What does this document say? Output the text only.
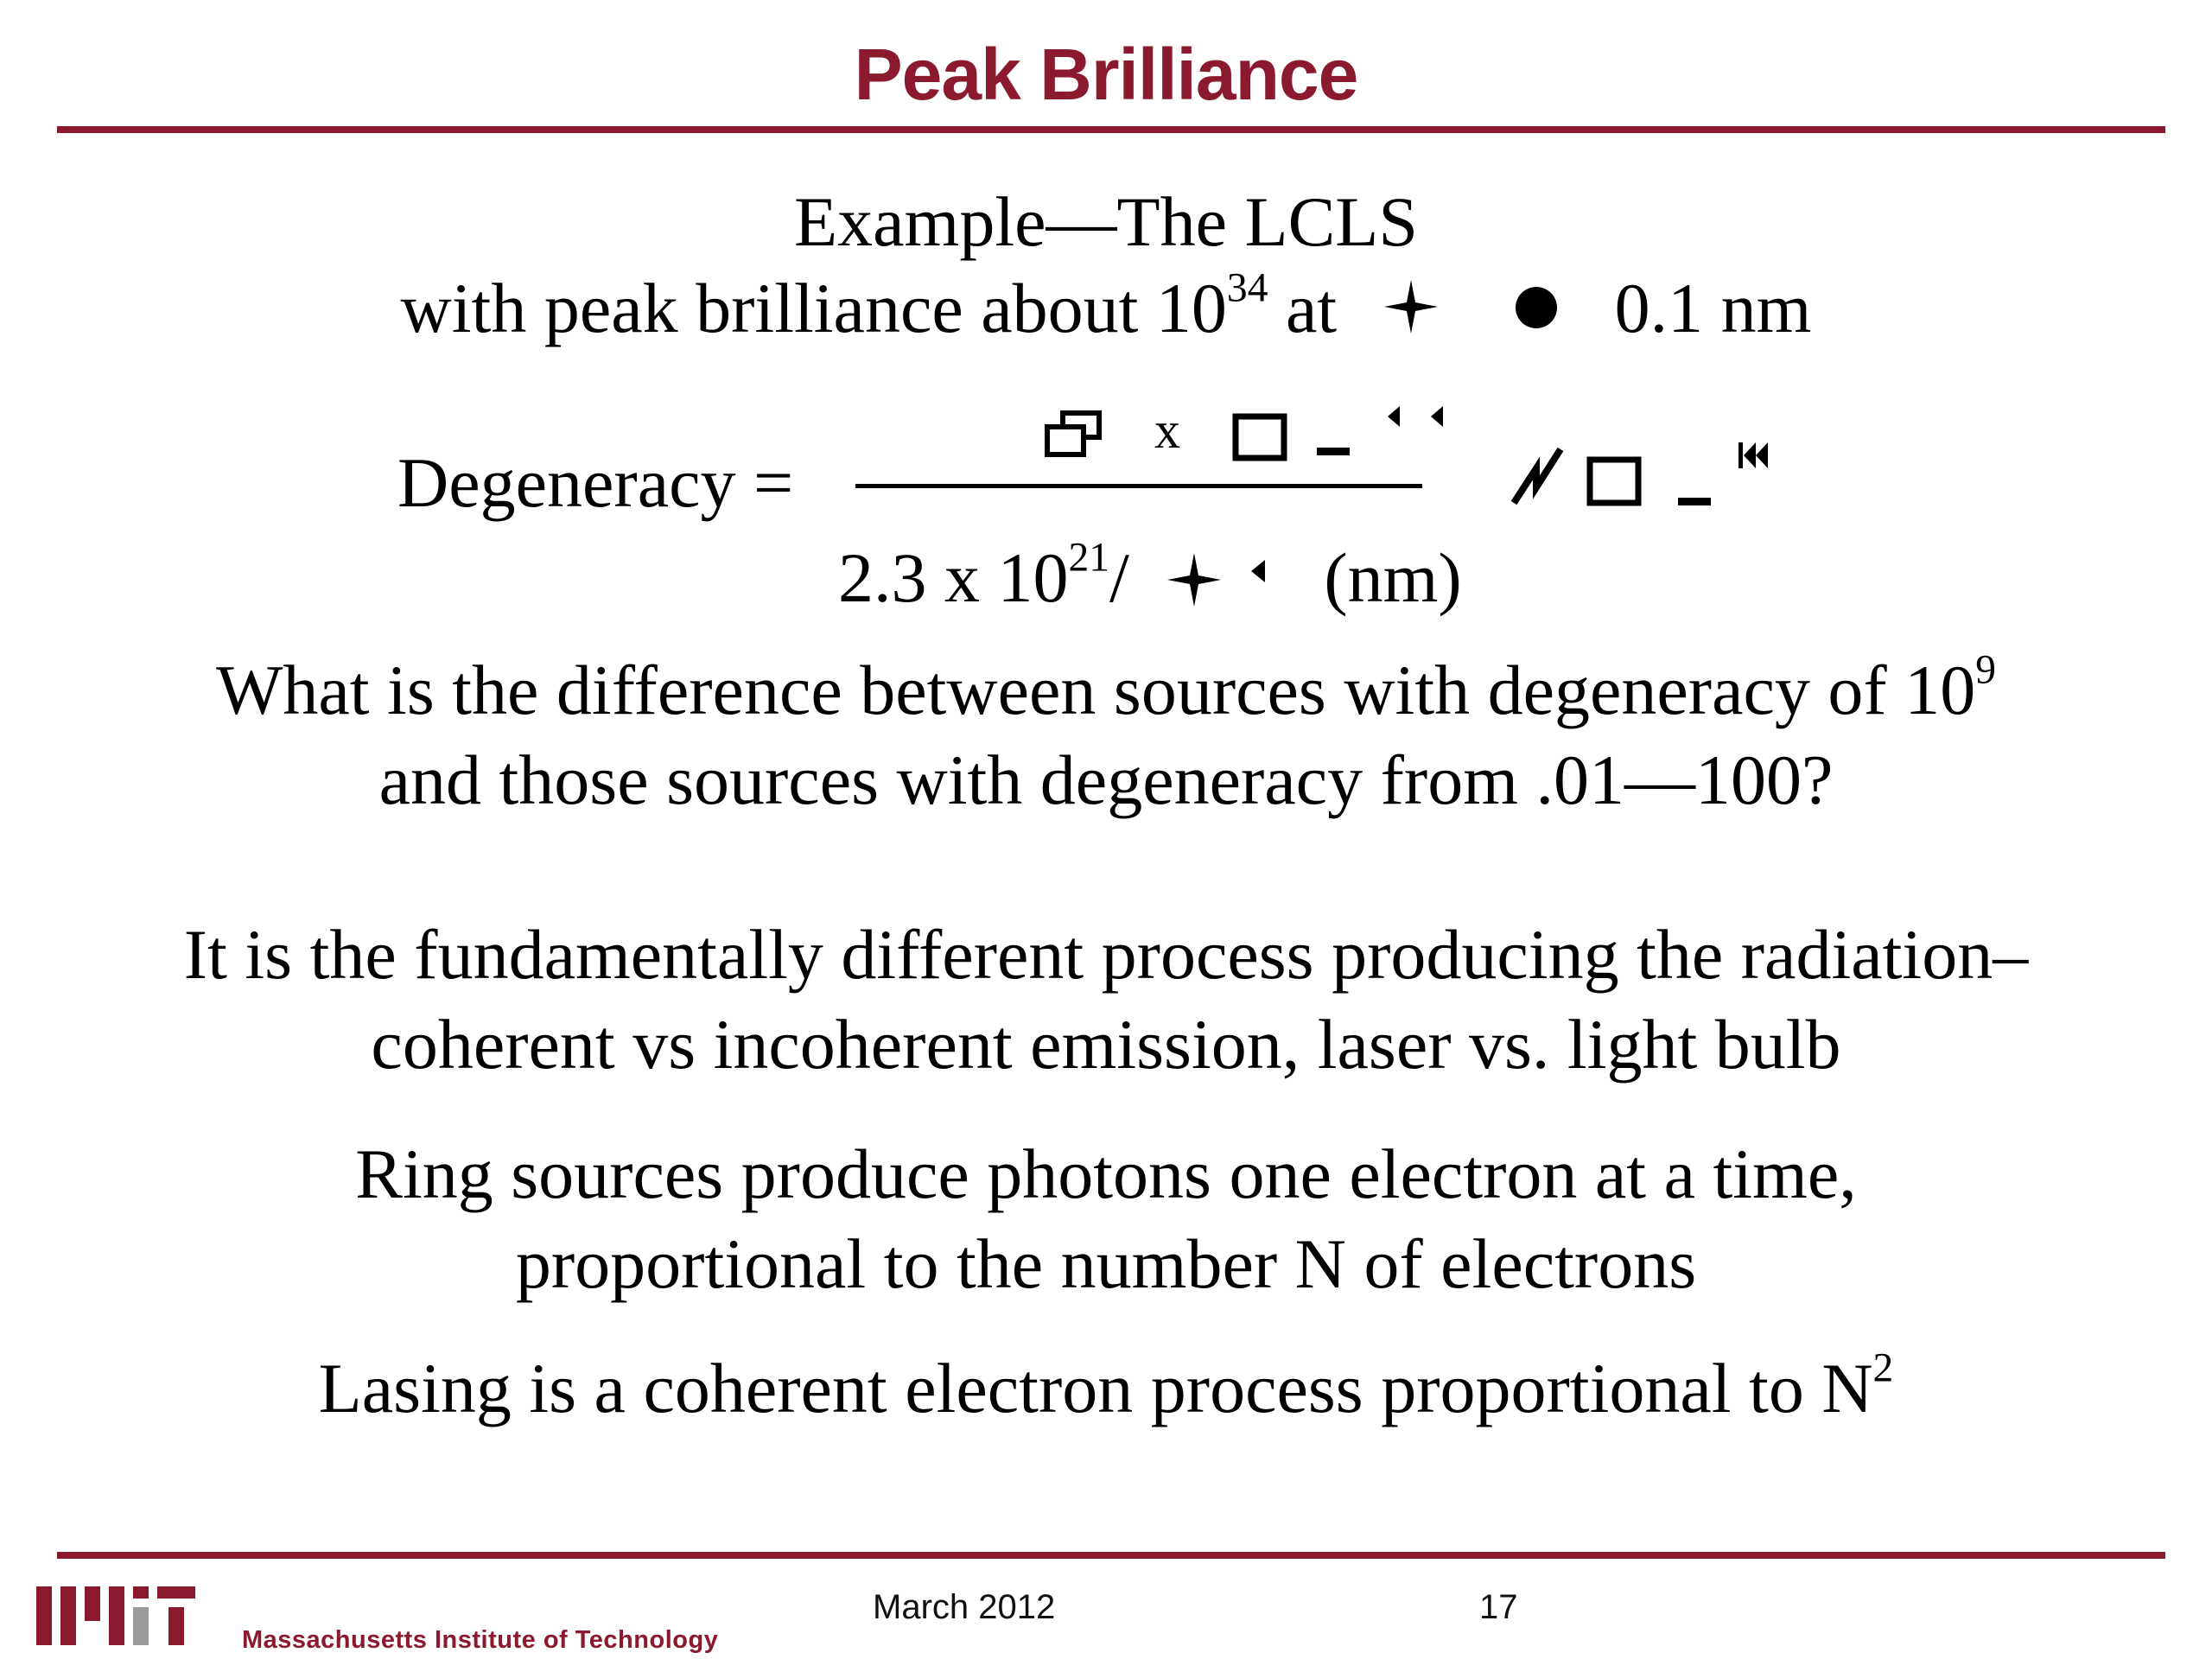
Peak Brilliance
Example—The LCLS
with peak brilliance about $10^{34}$ at	0.1 nm
Degeneracy =
x
2.3 x $10^{21}/$	(nm)
What is the difference between sources with degeneracy of $10^9$
and those sources with degeneracy from .01—100?
It is the fundamentally different process producing the radiation–
coherent vs incoherent emission, laser vs. light bulb
Ring sources produce photons one electron at a time,
proportional to the number N of electrons
Lasing is a coherent electron process proportional to $N^2$
Massachusetts Institute of Technology
March 2012	17
